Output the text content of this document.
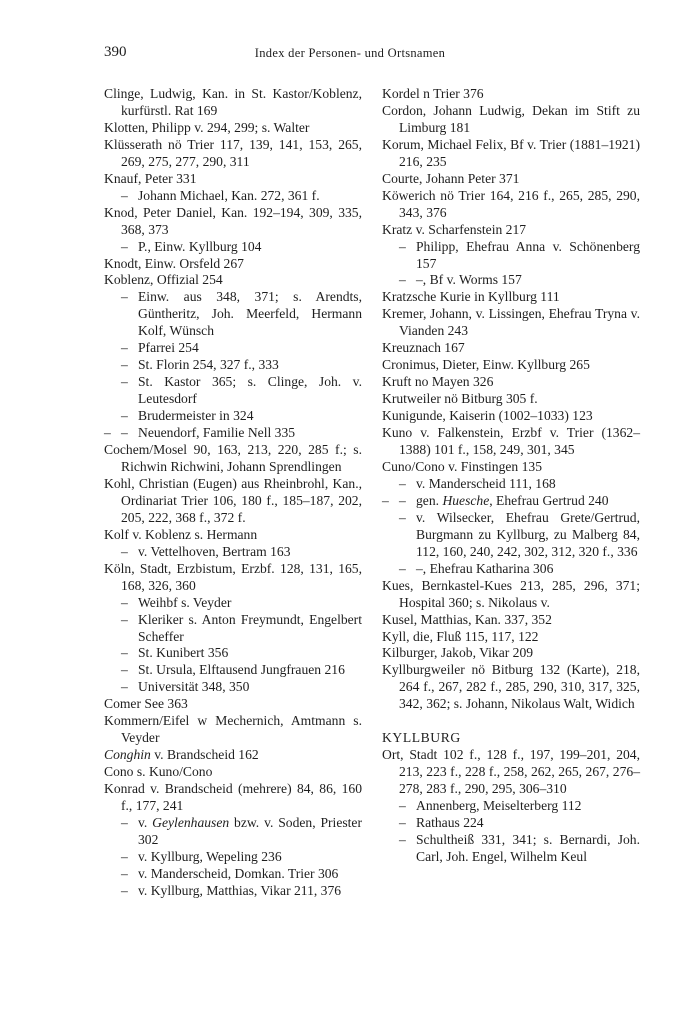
390	Index der Personen- und Ortsnamen

Clinge, Ludwig, Kan. in St. Kastor/Koblenz, kurfürstl. Rat 169

Klotten, Philipp v. 294, 299; s. Walter

Klüsserath nö Trier 117, 139, 141, 153, 265, 269, 275, 277, 290, 311

Knauf, Peter 331

– Johann Michael, Kan. 272, 361 f.

Knod, Peter Daniel, Kan. 192–194, 309, 335, 368, 373

– P., Einw. Kyllburg 104

Knodt, Einw. Orsfeld 267

Koblenz, Offizial 254

– Einw. aus 348, 371; s. Arendts, Güntheritz, Joh. Meerfeld, Hermann Kolf, Wünsch

– Pfarrei 254

– St. Florin 254, 327 f., 333

– St. Kastor 365; s. Clinge, Joh. v. Leutesdorf

– Brudermeister in 324

– – Neuendorf, Familie Nell 335

Cochem/Mosel 90, 163, 213, 220, 285 f.; s. Richwin Richwini, Johann Sprendlingen

Kohl, Christian (Eugen) aus Rheinbrohl, Kan., Ordinariat Trier 106, 180 f., 185–187, 202, 205, 222, 368 f., 372 f.

Kolf v. Koblenz s. Hermann

– v. Vettelhoven, Bertram 163

Köln, Stadt, Erzbistum, Erzbf. 128, 131, 165, 168, 326, 360

– Weihbf s. Veyder

– Kleriker s. Anton Freymundt, Engelbert Scheffer

– St. Kunibert 356

– St. Ursula, Elftausend Jungfrauen 216

– Universität 348, 350

Comer See 363

Kommern/Eifel w Mechernich, Amtmann s. Veyder

Conghin v. Brandscheid 162

Cono s. Kuno/Cono

Konrad v. Brandscheid (mehrere) 84, 86, 160 f., 177, 241

– v. Geylenhausen bzw. v. Soden, Priester 302

– v. Kyllburg, Wepeling 236

– v. Manderscheid, Domkan. Trier 306

– v. Kyllburg, Matthias, Vikar 211, 376

Kordel n Trier 376

Cordon, Johann Ludwig, Dekan im Stift zu Limburg 181

Korum, Michael Felix, Bf v. Trier (1881–1921) 216, 235

Courte, Johann Peter 371

Köwerich nö Trier 164, 216 f., 265, 285, 290, 343, 376

Kratz v. Scharfenstein 217

– Philipp, Ehefrau Anna v. Schönenberg 157

– –, Bf v. Worms 157

Kratzsche Kurie in Kyllburg 111

Kremer, Johann, v. Lissingen, Ehefrau Tryna v. Vianden 243

Kreuznach 167

Cronimus, Dieter, Einw. Kyllburg 265

Kruft no Mayen 326

Krutweiler nö Bitburg 305 f.

Kunigunde, Kaiserin (1002–1033) 123

Kuno v. Falkenstein, Erzbf v. Trier (1362–1388) 101 f., 158, 249, 301, 345

Cuno/Cono v. Finstingen 135

– v. Manderscheid 111, 168

– – gen. Huesche, Ehefrau Gertrud 240

– v. Wilsecker, Ehefrau Grete/Gertrud, Burgmann zu Kyllburg, zu Malberg 84, 112, 160, 240, 242, 302, 312, 320 f., 336

– –, Ehefrau Katharina 306

Kues, Bernkastel-Kues 213, 285, 296, 371; Hospital 360; s. Nikolaus v.

Kusel, Matthias, Kan. 337, 352

Kyll, die, Fluß 115, 117, 122

Kilburger, Jakob, Vikar 209

Kyllburgweiler nö Bitburg 132 (Karte), 218, 264 f., 267, 282 f., 285, 290, 310, 317, 325, 342, 362; s. Johann, Nikolaus Walt, Widich

KYLLBURG

Ort, Stadt 102 f., 128 f., 197, 199–201, 204, 213, 223 f., 228 f., 258, 262, 265, 267, 276–278, 283 f., 290, 295, 306–310

– Annenberg, Meiselterberg 112

– Rathaus 224

– Schultheiß 331, 341; s. Bernardi, Joh. Carl, Joh. Engel, Wilhelm Keul
